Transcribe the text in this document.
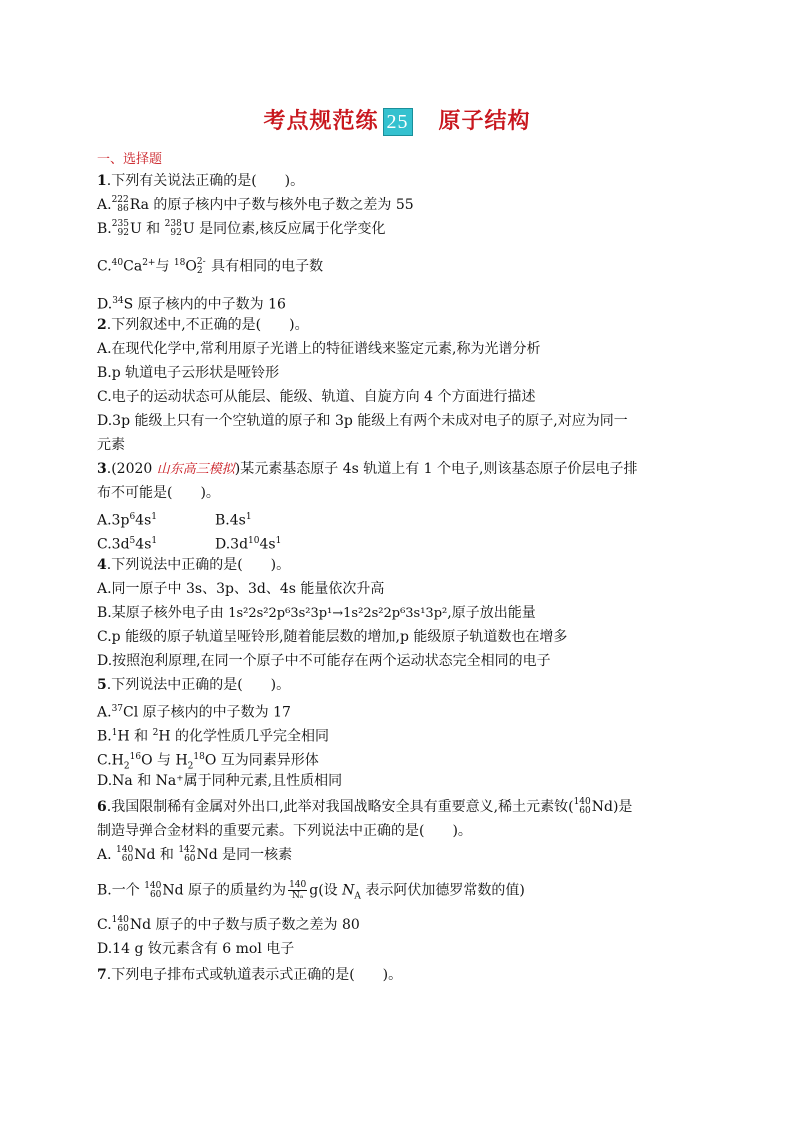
考点规范练 25 原子结构
一、选择题
1.下列有关说法正确的是(　　)。
A. 222
86 Ra 的原子核内中子数与核外电子数之差为 55
B. 235
92 U 和 238
92 U 是同位素,核反应属于化学变化
$C.^{40}Ca^{2+}$与 $^{18}$O 2-
2 具有相同的电子数
D.$^{34}$S 原子核内的中子数为 16
2.下列叙述中,不正确的是(　　)。
A.在现代化学中,常利用原子光谱上的特征谱线来鉴定元素,称为光谱分析
B.p 轨道电子云形状是哑铃形
C.电子的运动状态可从能层、能级、轨道、自旋方向 4 个方面进行描述
D.3p 能级上只有一个空轨道的原子和 3p 能级上有两个未成对电子的原子,对应为同一
元素
3.(2020 山东高三模拟)某元素基态原子 4s 轨道上有 1 个电子,则该基态原子价层电子排
布不可能是(　　)。
$A.3p^64s^1$	$B.4s^1$
$C.3d^54s^1$	$D.3d^{10}4s^1$
4.下列说法中正确的是(　　)。
A.同一原子中 3s、3p、3d、4s 能量依次升高
B.某原子核外电子由 1s²2s²2p⁶3s²3p¹→1s²2s²2p⁶3s¹3p²,原子放出能量
C.p 能级的原子轨道呈哑铃形,随着能层数的增加,p 能级原子轨道数也在增多
D.按照泡利原理,在同一个原子中不可能存在两个运动状态完全相同的电子
5.下列说法中正确的是(　　)。
A.$^{37}$Cl 原子核内的中子数为 17
B.$^1$H 和 $^2$H 的化学性质几乎完全相同
$C.H_2^{16}O$ 与 $H_2^{18}O$ 互为同素异形体
D.Na 和 Na⁺属于同种元素,且性质相同
6.我国限制稀有金属对外出口,此举对我国战略安全具有重要意义,稀土元素钕( 140
60 Nd)是
制造导弹合金材料的重要元素。下列说法中正确的是(　　)。
A. 140
60 Nd 和 142
60 Nd 是同一核素
B.一个 140
60 Nd 原子的质量约为 $\frac{140}{\text{Nₐ}} g$(设 $N_A$ 表示阿伏加德罗常数的值)
C. 140
60 Nd 原子的中子数与质子数之差为 80
D.14 g 钕元素含有 6 mol 电子
7.下列电子排布式或轨道表示式正确的是(　　)。
